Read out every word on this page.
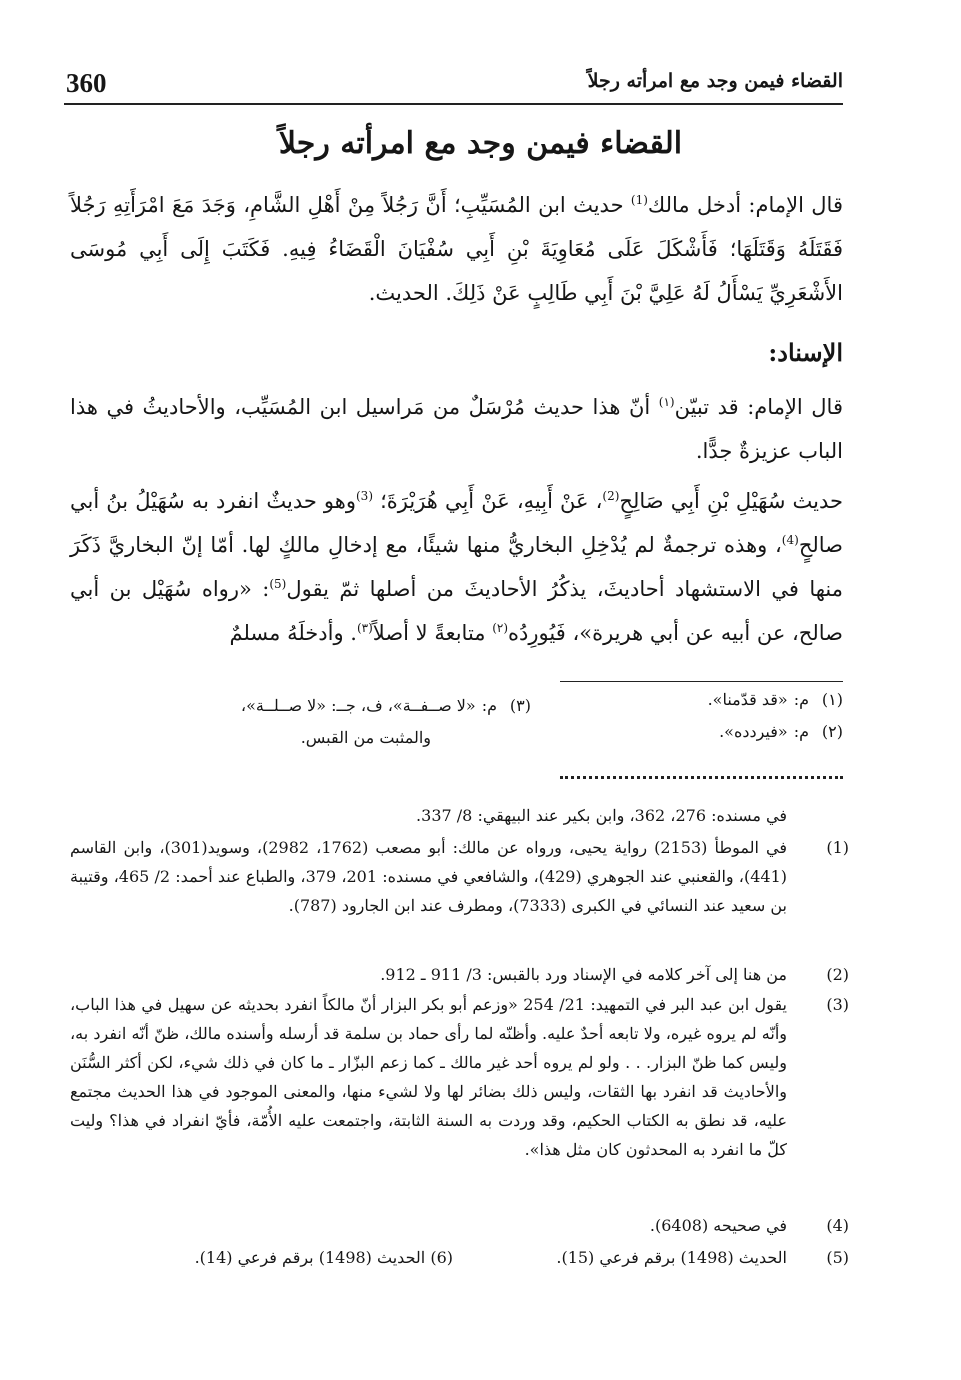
360	القضاء فيمن وجد مع امرأته رجلاً
القضاء فيمن وجد مع امرأته رجلاً
قال الإمام: أدخل مالك$^{(1)}$ حديث ابن المُسَيِّبِ؛ أَنَّ رَجُلاً مِنْ أَهْلِ الشَّامِ، وَجَدَ مَعَ امْرَأَتِهِ رَجُلاً فَقَتَلَهُ وَقَتَلَهَا؛ فَأَشْكَلَ عَلَى مُعَاوِيَةَ بْنِ أَبِي سُفْيَانَ الْقَضَاءُ فِيهِ. فَكَتَبَ إِلَى أَبِي مُوسَى الأَشْعَرِيِّ يَسْأَلُ لَهُ عَلِيَّ بْنَ أَبِي طَالِبٍ عَنْ ذَلِكَ. الحديث.
الإسناد:
قال الإمام: قد تبيّن$^{(١)}$ أنّ هذا حديث مُرْسَلٌ من مَراسيل ابن المُسَيِّب، والأحاديثُ في هذا الباب عزيزةٌ جدًّا.
حديث سُهَيْلِ بْنِ أَبِي صَالِحٍ$^{(2)}$، عَنْ أَبِيهِ، عَنْ أَبِي هُرَيْرَةَ؛ $^{(3)}$وهو حديثٌ انفرد به سُهَيْلُ بنُ أبي صالحٍ$^{(4)}$، وهذه ترجمةٌ لم يُدْخِلِ البخاريُّ منها شيئًا، مع إدخالِ مالكٍ لها. أمّا إنّ البخاريَّ ذَكَرَ منها في الاستشهاد أحاديثَ، يذكُرُ الأحاديثَ من أصلها ثمّ يقول$^{(5)}$: «رواه سُهَيْل بن أبي صالح، عن أبيه عن أبي هريرة»، فَيُورِدُه$^{(٢)}$ متابعةً لا أصلاً$^{(٣)}$. وأدخلَهُ مسلمٌ
(١)م:«قد قدّمنا».
(٢)م:«فيردده».
(٣)م:«لا صــفــة»، ف، جــ: «لا صــلــة»،
والمثبت من القبس.
في مسنده: 276، 362، وابن بكير عند البيهقي: 8/ 337.
(1)
في الموطأ (2153) رواية يحيى، ورواه عن مالك: أبو مصعب (1762، 2982)، وسويد(301)، وابن القاسم (441)، والقعنبي عند الجوهري (429)، والشافعي في مسنده: 201، 379، والطباع عند أحمد: 2/ 465، وقتيبة بن سعيد عند النسائي في الكبرى (7333)، ومطرف عند ابن الجارود (787).
(2)
من هنا إلى آخر كلامه في الإسناد ورد بالقبس: 3/ 911 ـ 912.
(3)
يقول ابن عبد البر في التمهيد: 21/ 254 «وزعم أبو بكر البزار أنّ مالكاً انفرد بحديثه عن سهيل في هذا الباب، وأنّه لم يروه غيره، ولا تابعه أحدٌ عليه. وأظنّه لما رأى حماد بن سلمة قد أرسله وأسنده مالك، ظنّ أنّه انفرد به، وليس كما ظنّ البزار. . . ولو لم يروه أحد غير مالك ـ كما زعم البزّار ـ ما كان في ذلك شيء، لكن أكثر السُّنَن والأحاديث قد انفرد بها الثقات، وليس ذلك بضائر لها ولا لشيء منها، والمعنى الموجود في هذا الحديث مجتمع عليه، قد نطق به الكتاب الحكيم، وقد وردت به السنة الثابتة، واجتمعت عليه الأُمّة، فأيّ انفراد في هذا؟ وليت كلّ ما انفرد به المحدثون كان مثل هذا».
(4)
في صحيحه (6408).
(5)
الحديث (1498) برقم فرعي (15).
(6) الحديث (1498) برقم فرعي (14).
